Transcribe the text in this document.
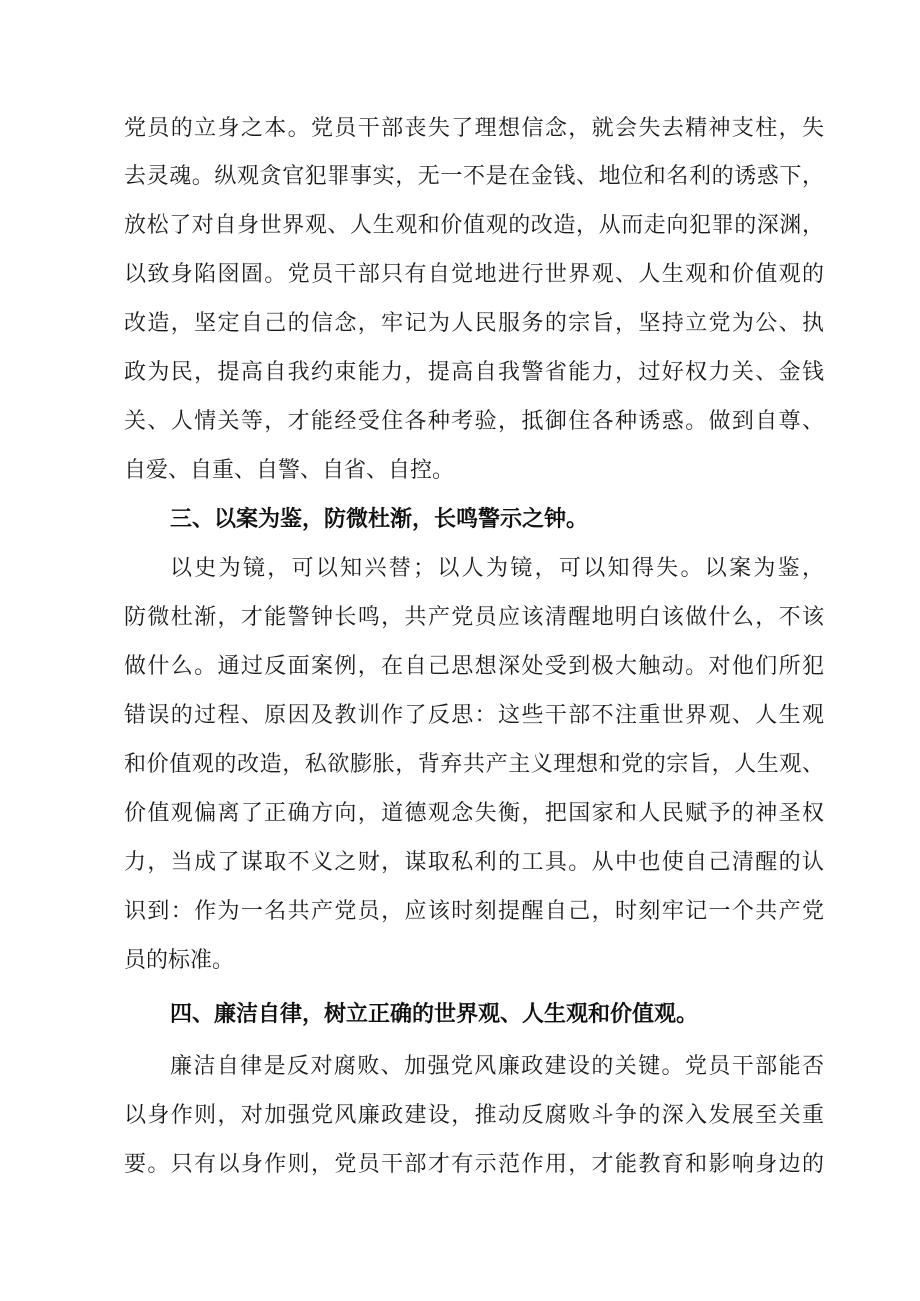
党员的立身之本。党员干部丧失了理想信念，就会失去精神支柱，失
去灵魂。纵观贪官犯罪事实，无一不是在金钱、地位和名利的诱惑下，
放松了对自身世界观、人生观和价值观的改造，从而走向犯罪的深渊，
以致身陷囹圄。党员干部只有自觉地进行世界观、人生观和价值观的
改造，坚定自己的信念，牢记为人民服务的宗旨，坚持立党为公、执
政为民，提高自我约束能力，提高自我警省能力，过好权力关、金钱
关、人情关等，才能经受住各种考验，抵御住各种诱惑。做到自尊、
自爱、自重、自警、自省、自控。
三、以案为鉴，防微杜渐，长鸣警示之钟。
以史为镜，可以知兴替；以人为镜，可以知得失。以案为鉴，
防微杜渐，才能警钟长鸣，共产党员应该清醒地明白该做什么，不该
做什么。通过反面案例，在自己思想深处受到极大触动。对他们所犯
错误的过程、原因及教训作了反思：这些干部不注重世界观、人生观
和价值观的改造，私欲膨胀，背弃共产主义理想和党的宗旨，人生观、
价值观偏离了正确方向，道德观念失衡，把国家和人民赋予的神圣权
力，当成了谋取不义之财，谋取私利的工具。从中也使自己清醒的认
识到：作为一名共产党员，应该时刻提醒自己，时刻牢记一个共产党
员的标准。
四、廉洁自律，树立正确的世界观、人生观和价值观。
廉洁自律是反对腐败、加强党风廉政建设的关键。党员干部能否
以身作则，对加强党风廉政建设，推动反腐败斗争的深入发展至关重
要。只有以身作则，党员干部才有示范作用，才能教育和影响身边的
